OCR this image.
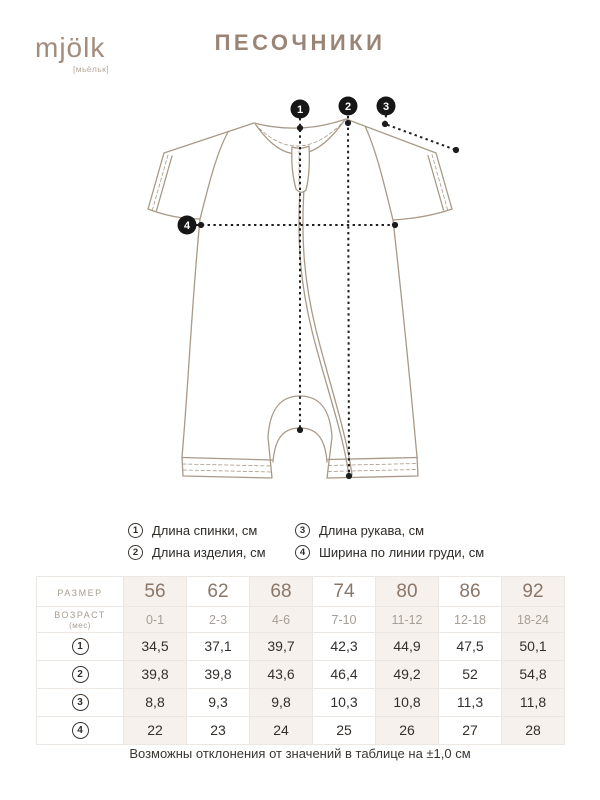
mjölk
[мьёльк]
ПЕСОЧНИКИ
1	2	3
4
1	Длина спинки, см
2	Длина изделия, см
3	Длина рукава, см
4	Ширина по линии груди, см
РАЗМЕР	56	62	68	74	80	86	92

ВОЗРАСТ
(мес)	0-1	2-3	4-6	7-10	11-12	12-18	18-24

1	34,5	37,1	39,7	42,3	44,9	47,5	50,1

2	39,8	39,8	43,6	46,4	49,2	52	54,8

3	8,8	9,3	9,8	10,3	10,8	11,3	11,8

4	22	23	24	25	26	27	28
Возможны отклонения от значений в таблице на ±1,0 см
